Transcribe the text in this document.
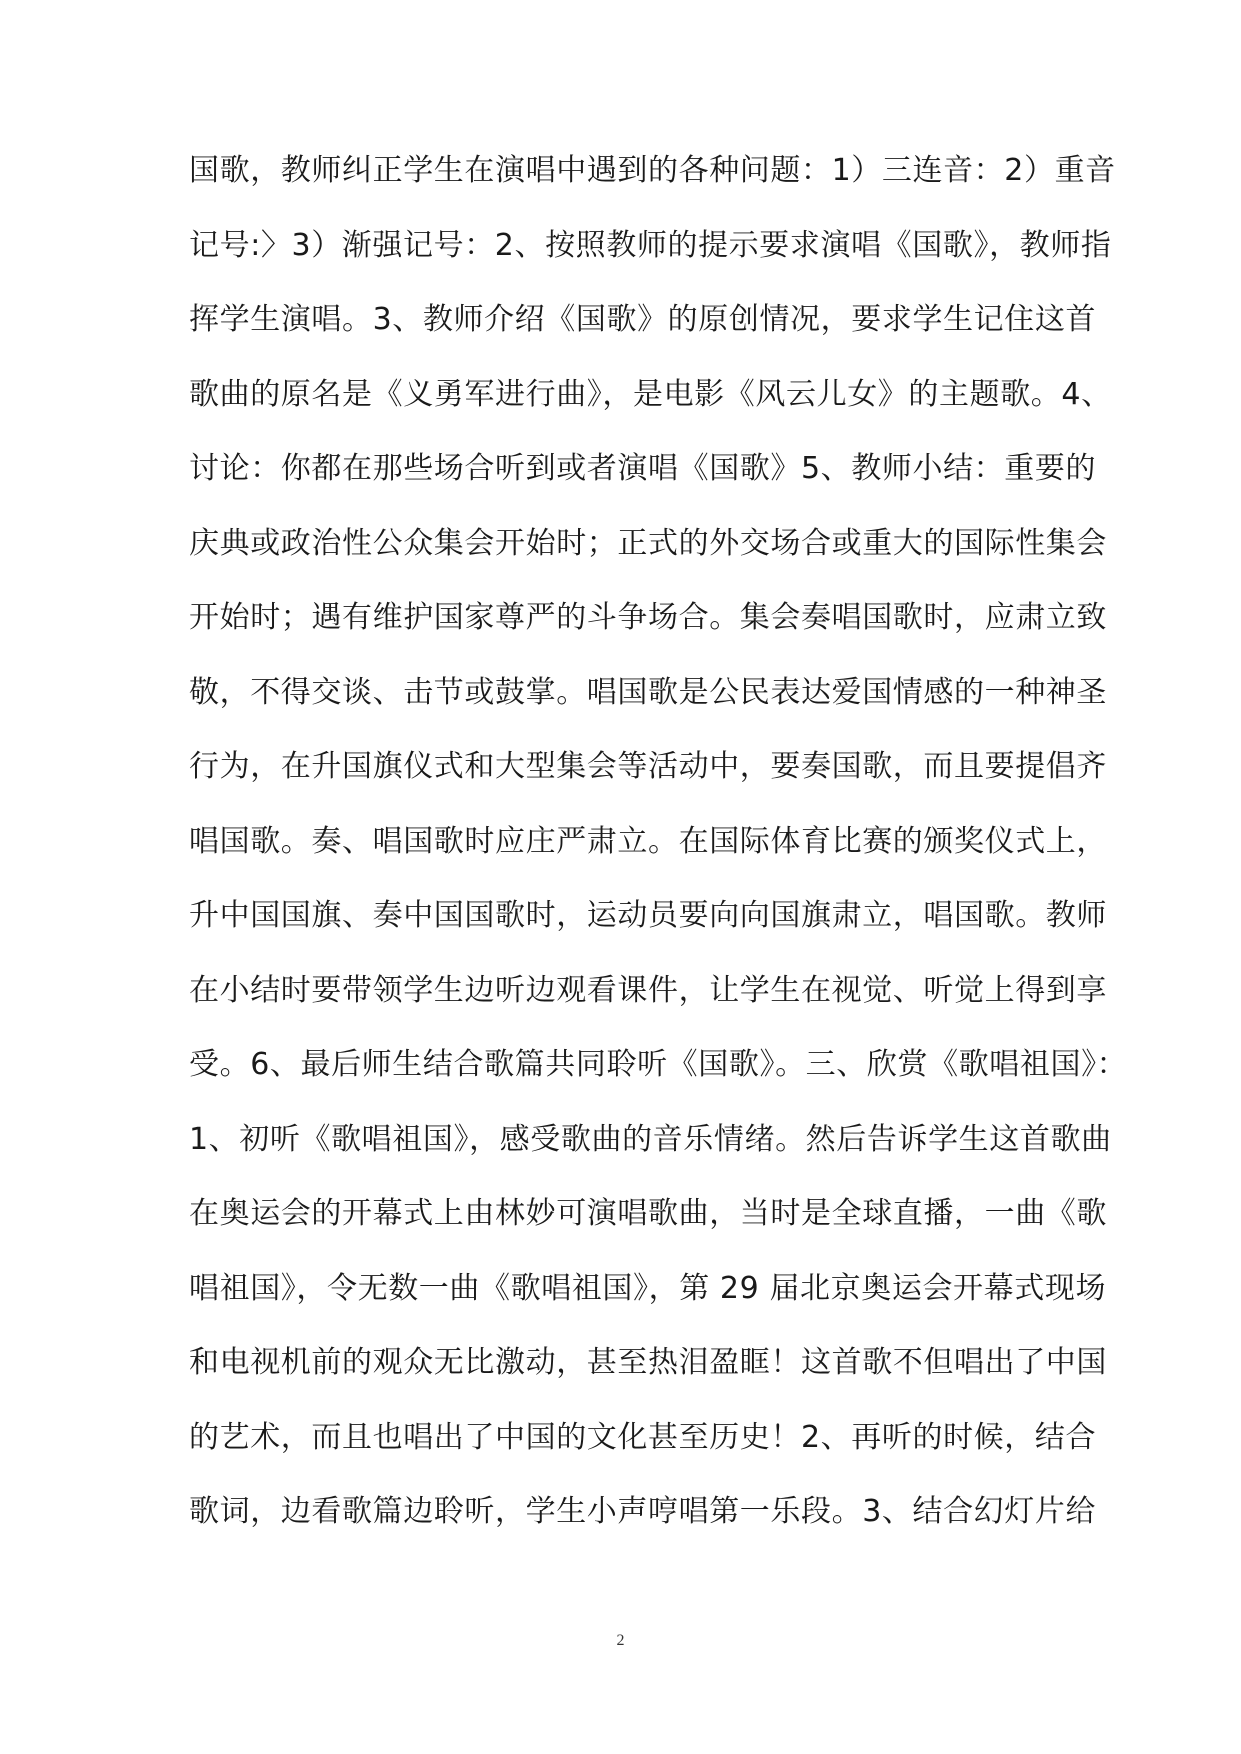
国歌，教师纠正学生在演唱中遇到的各种问题：1）三连音：2）重音
记号:〉3）渐强记号：2、按照教师的提示要求演唱《国歌》，教师指
挥学生演唱。3、教师介绍《国歌》的原创情况，要求学生记住这首
歌曲的原名是《义勇军进行曲》，是电影《风云儿女》的主题歌。4、
讨论：你都在那些场合听到或者演唱《国歌》5、教师小结：重要的
庆典或政治性公众集会开始时；正式的外交场合或重大的国际性集会
开始时；遇有维护国家尊严的斗争场合。集会奏唱国歌时，应肃立致
敬，不得交谈、击节或鼓掌。唱国歌是公民表达爱国情感的一种神圣
行为，在升国旗仪式和大型集会等活动中，要奏国歌，而且要提倡齐
唱国歌。奏、唱国歌时应庄严肃立。在国际体育比赛的颁奖仪式上，
升中国国旗、奏中国国歌时，运动员要向向国旗肃立，唱国歌。教师
在小结时要带领学生边听边观看课件，让学生在视觉、听觉上得到享
受。6、最后师生结合歌篇共同聆听《国歌》。三、欣赏《歌唱祖国》：
1、初听《歌唱祖国》，感受歌曲的音乐情绪。然后告诉学生这首歌曲
在奥运会的开幕式上由林妙可演唱歌曲，当时是全球直播，一曲《歌
唱祖国》，令无数一曲《歌唱祖国》，第 29 届北京奥运会开幕式现场
和电视机前的观众无比激动，甚至热泪盈眶！这首歌不但唱出了中国
的艺术，而且也唱出了中国的文化甚至历史！2、再听的时候，结合
歌词，边看歌篇边聆听，学生小声哼唱第一乐段。3、结合幻灯片给
2
